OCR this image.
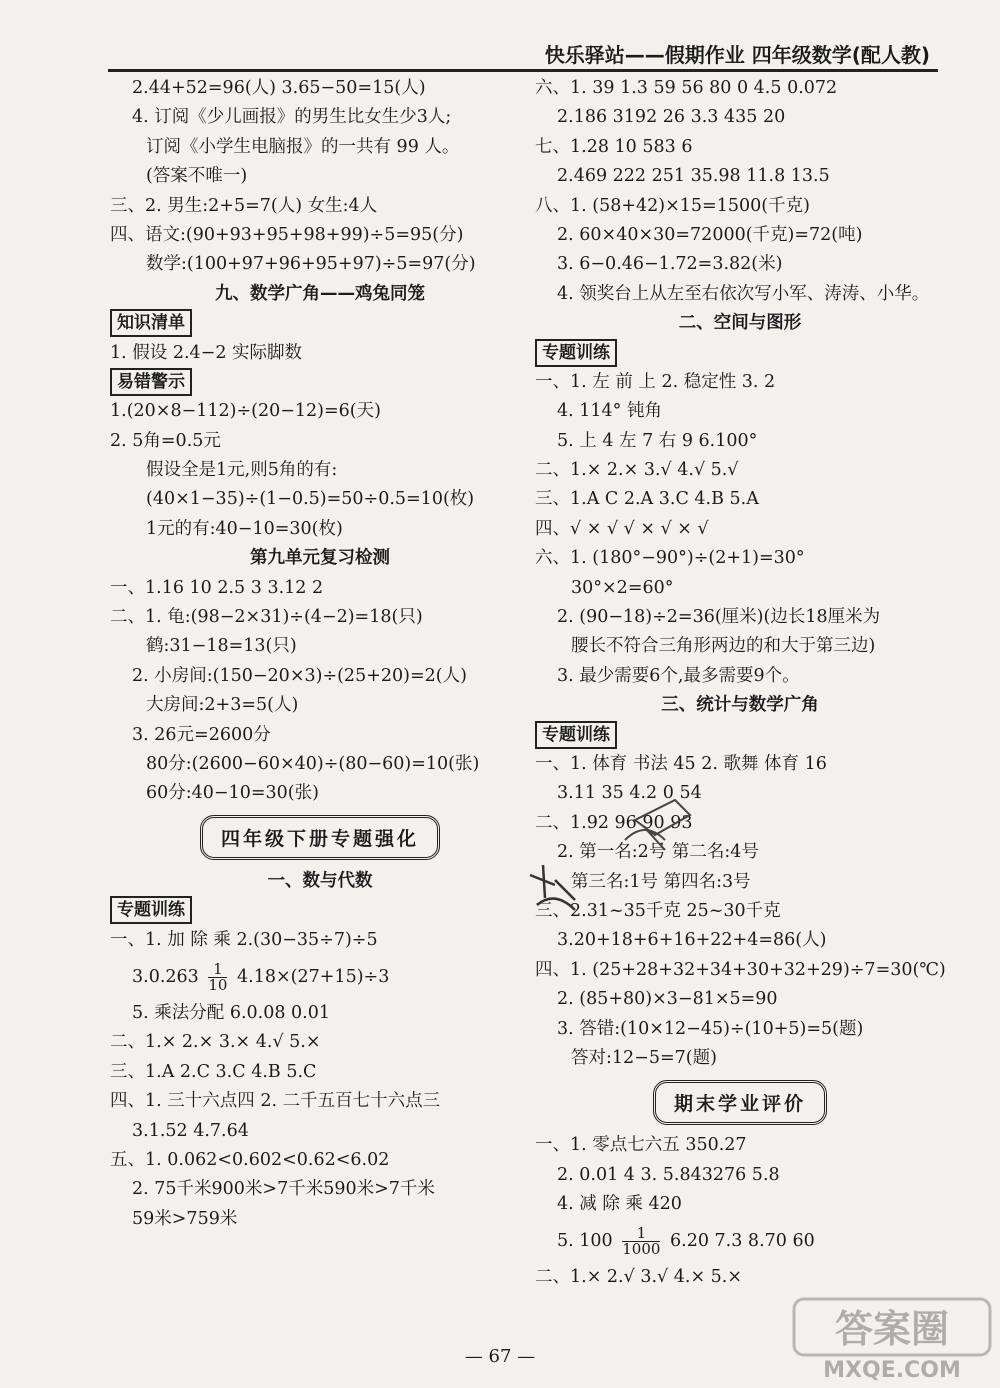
快乐驿站——假期作业 四年级数学(配人教)
2.44+52=96(人) 3.65−50=15(人)
4. 订阅《少儿画报》的男生比女生少3人;
订阅《小学生电脑报》的一共有 99 人。
(答案不唯一)
三、2. 男生:2+5=7(人) 女生:4人
四、语文:(90+93+95+98+99)÷5=95(分)
数学:(100+97+96+95+97)÷5=97(分)
九、数学广角——鸡兔同笼
知识清单
1. 假设 2.4−2 实际脚数
易错警示
1.(20×8−112)÷(20−12)=6(天)
2. 5角=0.5元
假设全是1元,则5角的有:
(40×1−35)÷(1−0.5)=50÷0.5=10(枚)
1元的有:40−10=30(枚)
第九单元复习检测
一、1.16 10 2.5 3 3.12 2
二、1. 龟:(98−2×31)÷(4−2)=18(只)
鹤:31−18=13(只)
2. 小房间:(150−20×3)÷(25+20)=2(人)
大房间:2+3=5(人)
3. 26元=2600分
80分:(2600−60×40)÷(80−60)=10(张)
60分:40−10=30(张)
四年级下册专题强化
一、数与代数
专题训练
一、1. 加 除 乘 2.(30−35÷7)÷5
$3.0.263 \frac{1}{10} 4.18\times(27+15)\div 3$
5. 乘法分配 6.0.08 0.01
二、1.× 2.× 3.× 4.√ 5.×
三、1.A 2.C 3.C 4.B 5.C
四、1. 三十六点四 2. 二千五百七十六点三
3.1.52 4.7.64
五、1. 0.062<0.602<0.62<6.02
2. 75千米900米>7千米590米>7千米
59米>759米
六、1. 39 1.3 59 56 80 0 4.5 0.072
2.186 3192 26 3.3 435 20
七、1.28 10 583 6
2.469 222 251 35.98 11.8 13.5
八、1. (58+42)×15=1500(千克)
2. 60×40×30=72000(千克)=72(吨)
3. 6−0.46−1.72=3.82(米)
4. 领奖台上从左至右依次写小军、涛涛、小华。
二、空间与图形
专题训练
一、1. 左 前 上 2. 稳定性 3. 2
4. 114° 钝角
5. 上 4 左 7 右 9 6.100°
二、1.× 2.× 3.√ 4.√ 5.√
三、1.A C 2.A 3.C 4.B 5.A
四、√ × √ √ × √ × √
六、1. (180°−90°)÷(2+1)=30°
30°×2=60°
2. (90−18)÷2=36(厘米)(边长18厘米为
腰长不符合三角形两边的和大于第三边)
3. 最少需要6个,最多需要9个。
三、统计与数学广角
专题训练
一、1. 体育 书法 45 2. 歌舞 体育 16
3.11 35 4.2 0 54
二、1.92 96 90 93
2. 第一名:2号 第二名:4号
第三名:1号 第四名:3号
三、2.31~35千克 25~30千克
3.20+18+6+16+22+4=86(人)
四、1. (25+28+32+34+30+32+29)÷7=30(℃)
2. (85+80)×3−81×5=90
3. 答错:(10×12−45)÷(10+5)=5(题)
答对:12−5=7(题)
期末学业评价
一、1. 零点七六五 350.27
2. 0.01 4 3. 5.843276 5.8
4. 减 除 乘 420
5. $100 \frac{1}{1000} 6.20$ 7.3 8.70 60
二、1.× 2.√ 3.√ 4.× 5.×
— 67 —
答案圈
MXQE.COM
